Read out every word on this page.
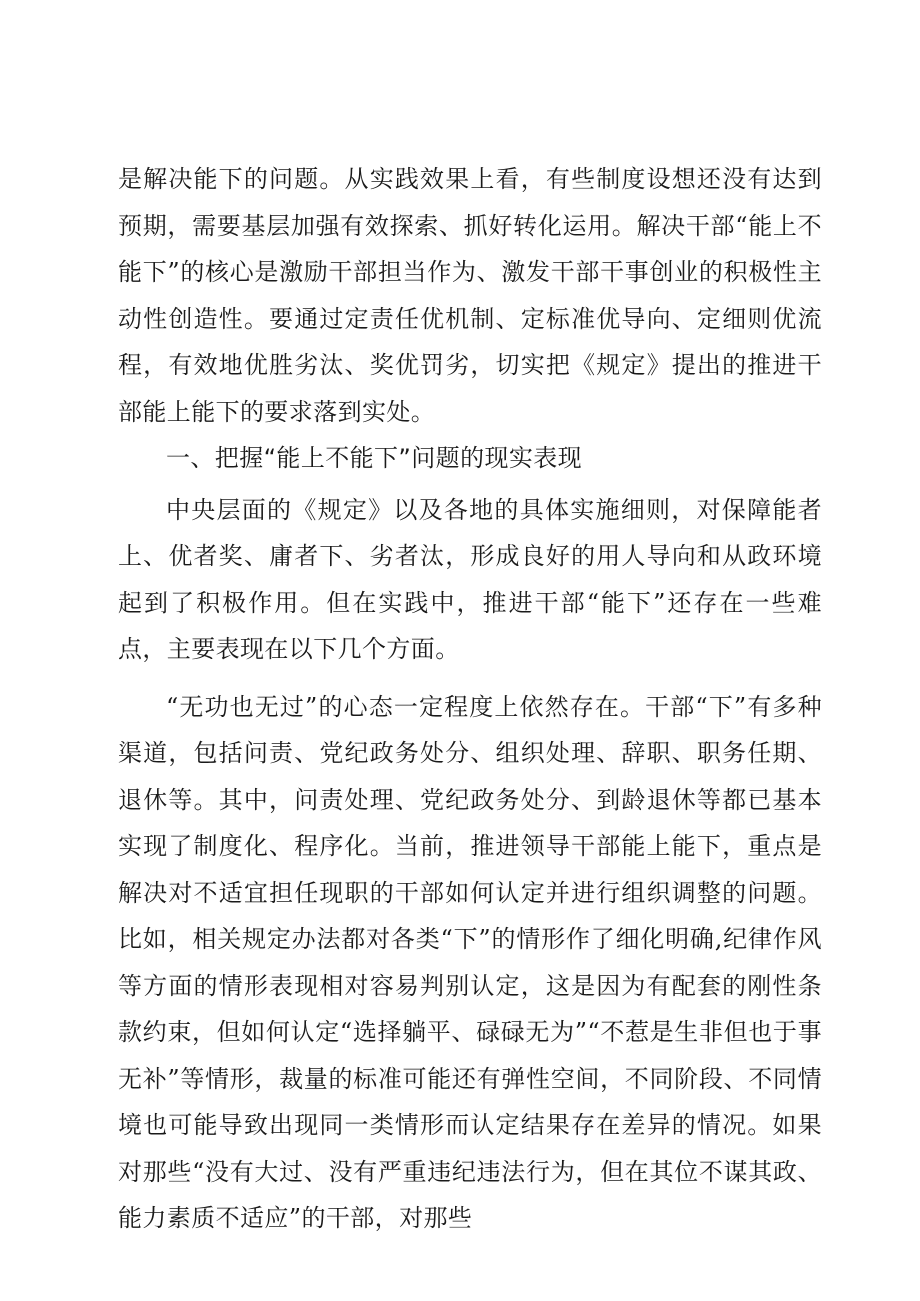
是解决能下的问题。从实践效果上看，有些制度设想还没有达到预期，需要基层加强有效探索、抓好转化运用。解决干部“能上不能下”的核心是激励干部担当作为、激发干部干事创业的积极性主动性创造性。要通过定责任优机制、定标准优导向、定细则优流程，有效地优胜劣汰、奖优罚劣，切实把《规定》提出的推进干部能上能下的要求落到实处。

一、把握“能上不能下”问题的现实表现

中央层面的《规定》以及各地的具体实施细则，对保障能者上、优者奖、庸者下、劣者汰，形成良好的用人导向和从政环境起到了积极作用。但在实践中，推进干部“能下”还存在一些难点，主要表现在以下几个方面。

“无功也无过”的心态一定程度上依然存在。干部“下”有多种渠道，包括问责、党纪政务处分、组织处理、辞职、职务任期、退休等。其中，问责处理、党纪政务处分、到龄退休等都已基本实现了制度化、程序化。当前，推进领导干部能上能下，重点是解决对不适宜担任现职的干部如何认定并进行组织调整的问题。比如，相关规定办法都对各类“下”的情形作了细化明确,纪律作风等方面的情形表现相对容易判别认定，这是因为有配套的刚性条款约束，但如何认定“选择躺平、碌碌无为”“不惹是生非但也于事无补”等情形，裁量的标准可能还有弹性空间，不同阶段、不同情境也可能导致出现同一类情形而认定结果存在差异的情况。如果对那些“没有大过、没有严重违纪违法行为，但在其位不谋其政、能力素质不适应”的干部，对那些
